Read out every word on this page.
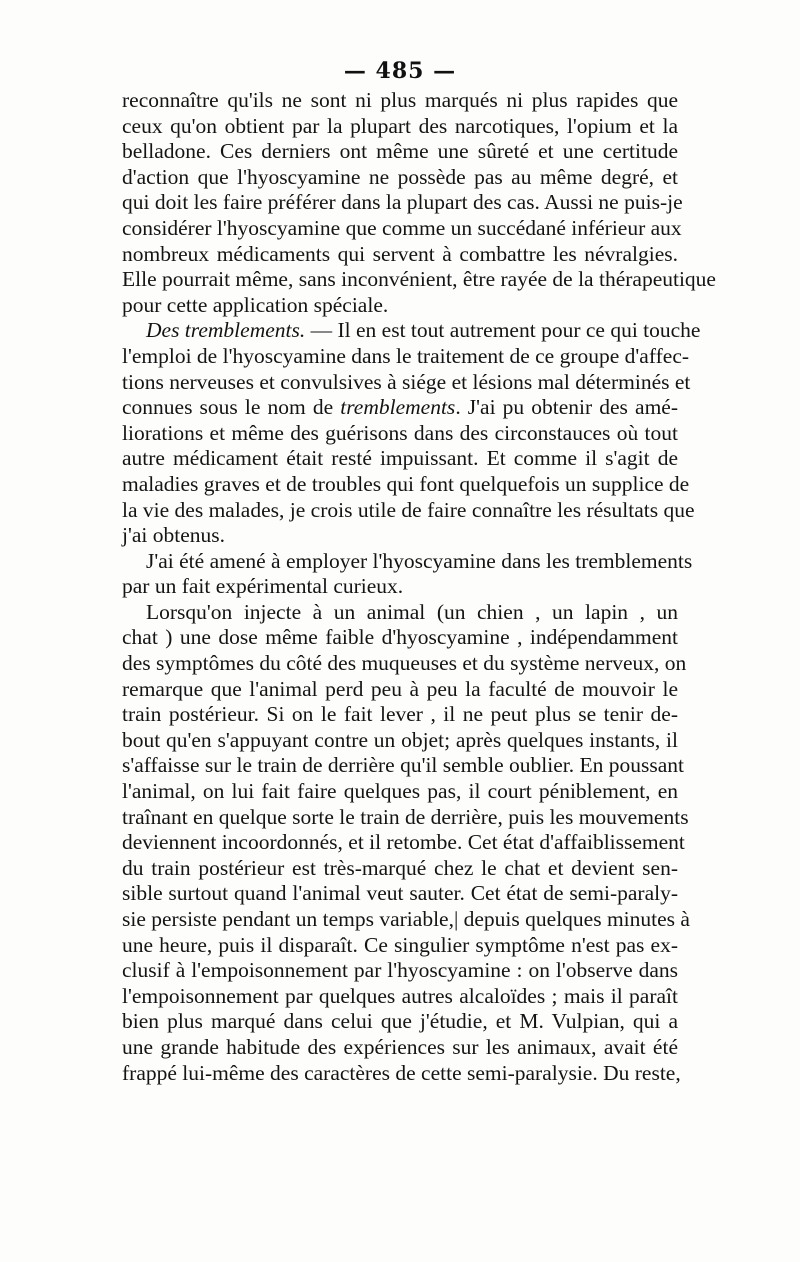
— 485 —
reconnaître qu'ils ne sont ni plus marqués ni plus rapides que
ceux qu'on obtient par la plupart des narcotiques, l'opium et la
belladone. Ces derniers ont même une sûreté et une certitude
d'action que l'hyoscyamine ne possède pas au même degré, et
qui doit les faire préférer dans la plupart des cas. Aussi ne puis-je
considérer l'hyoscyamine que comme un succédané inférieur aux
nombreux médicaments qui servent à combattre les névralgies.
Elle pourrait même, sans inconvénient, être rayée de la thérapeutique
pour cette application spéciale.
Des tremblements. — Il en est tout autrement pour ce qui touche
l'emploi de l'hyoscyamine dans le traitement de ce groupe d'affec-
tions nerveuses et convulsives à siége et lésions mal déterminés et
connues sous le nom de tremblements. J'ai pu obtenir des amé-
liorations et même des guérisons dans des circonstauces où tout
autre médicament était resté impuissant. Et comme il s'agit de
maladies graves et de troubles qui font quelquefois un supplice de
la vie des malades, je crois utile de faire connaître les résultats que
j'ai obtenus.
J'ai été amené à employer l'hyoscyamine dans les tremblements
par un fait expérimental curieux.
Lorsqu'on injecte à un animal (un chien , un lapin , un
chat ) une dose même faible d'hyoscyamine , indépendamment
des symptômes du côté des muqueuses et du système nerveux, on
remarque que l'animal perd peu à peu la faculté de mouvoir le
train postérieur. Si on le fait lever , il ne peut plus se tenir de-
bout qu'en s'appuyant contre un objet; après quelques instants, il
s'affaisse sur le train de derrière qu'il semble oublier. En poussant
l'animal, on lui fait faire quelques pas, il court péniblement, en
traînant en quelque sorte le train de derrière, puis les mouvements
deviennent incoordonnés, et il retombe. Cet état d'affaiblissement
du train postérieur est très-marqué chez le chat et devient sen-
sible surtout quand l'animal veut sauter. Cet état de semi-paraly-
sie persiste pendant un temps variable,| depuis quelques minutes à
une heure, puis il disparaît. Ce singulier symptôme n'est pas ex-
clusif à l'empoisonnement par l'hyoscyamine : on l'observe dans
l'empoisonnement par quelques autres alcaloïdes ; mais il paraît
bien plus marqué dans celui que j'étudie, et M. Vulpian, qui a
une grande habitude des expériences sur les animaux, avait été
frappé lui-même des caractères de cette semi-paralysie. Du reste,
